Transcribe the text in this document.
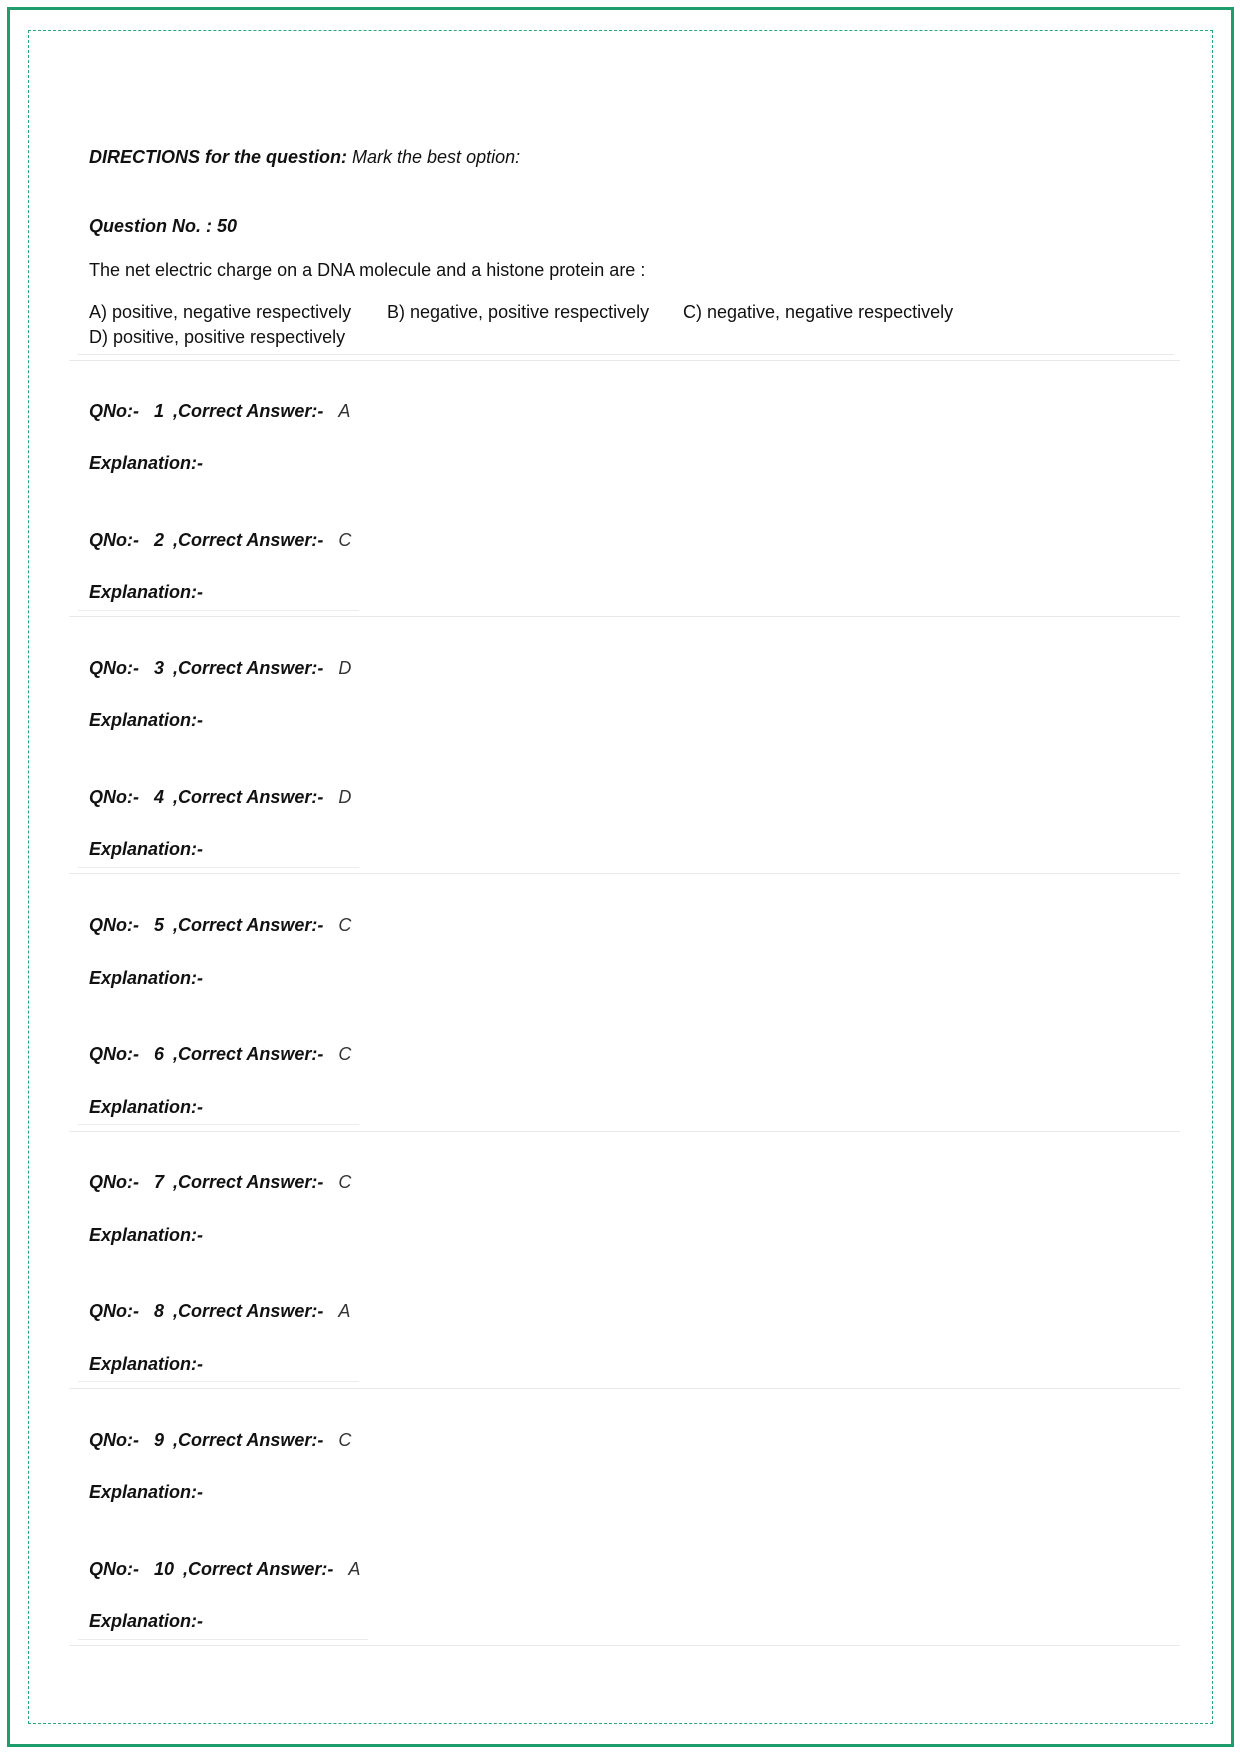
DIRECTIONS for the question: Mark the best option:
Question No. : 50
The net electric charge on a DNA molecule and a histone protein are :
A) positive, negative respectively B) negative, positive respectively C) negative, negative respectively
D) positive, positive respectively
QNo:- 1 ,Correct Answer:- A
Explanation:-
QNo:- 2 ,Correct Answer:- C
Explanation:-
QNo:- 3 ,Correct Answer:- D
Explanation:-
QNo:- 4 ,Correct Answer:- D
Explanation:-
QNo:- 5 ,Correct Answer:- C
Explanation:-
QNo:- 6 ,Correct Answer:- C
Explanation:-
QNo:- 7 ,Correct Answer:- C
Explanation:-
QNo:- 8 ,Correct Answer:- A
Explanation:-
QNo:- 9 ,Correct Answer:- C
Explanation:-
QNo:- 10 ,Correct Answer:- A
Explanation:-
